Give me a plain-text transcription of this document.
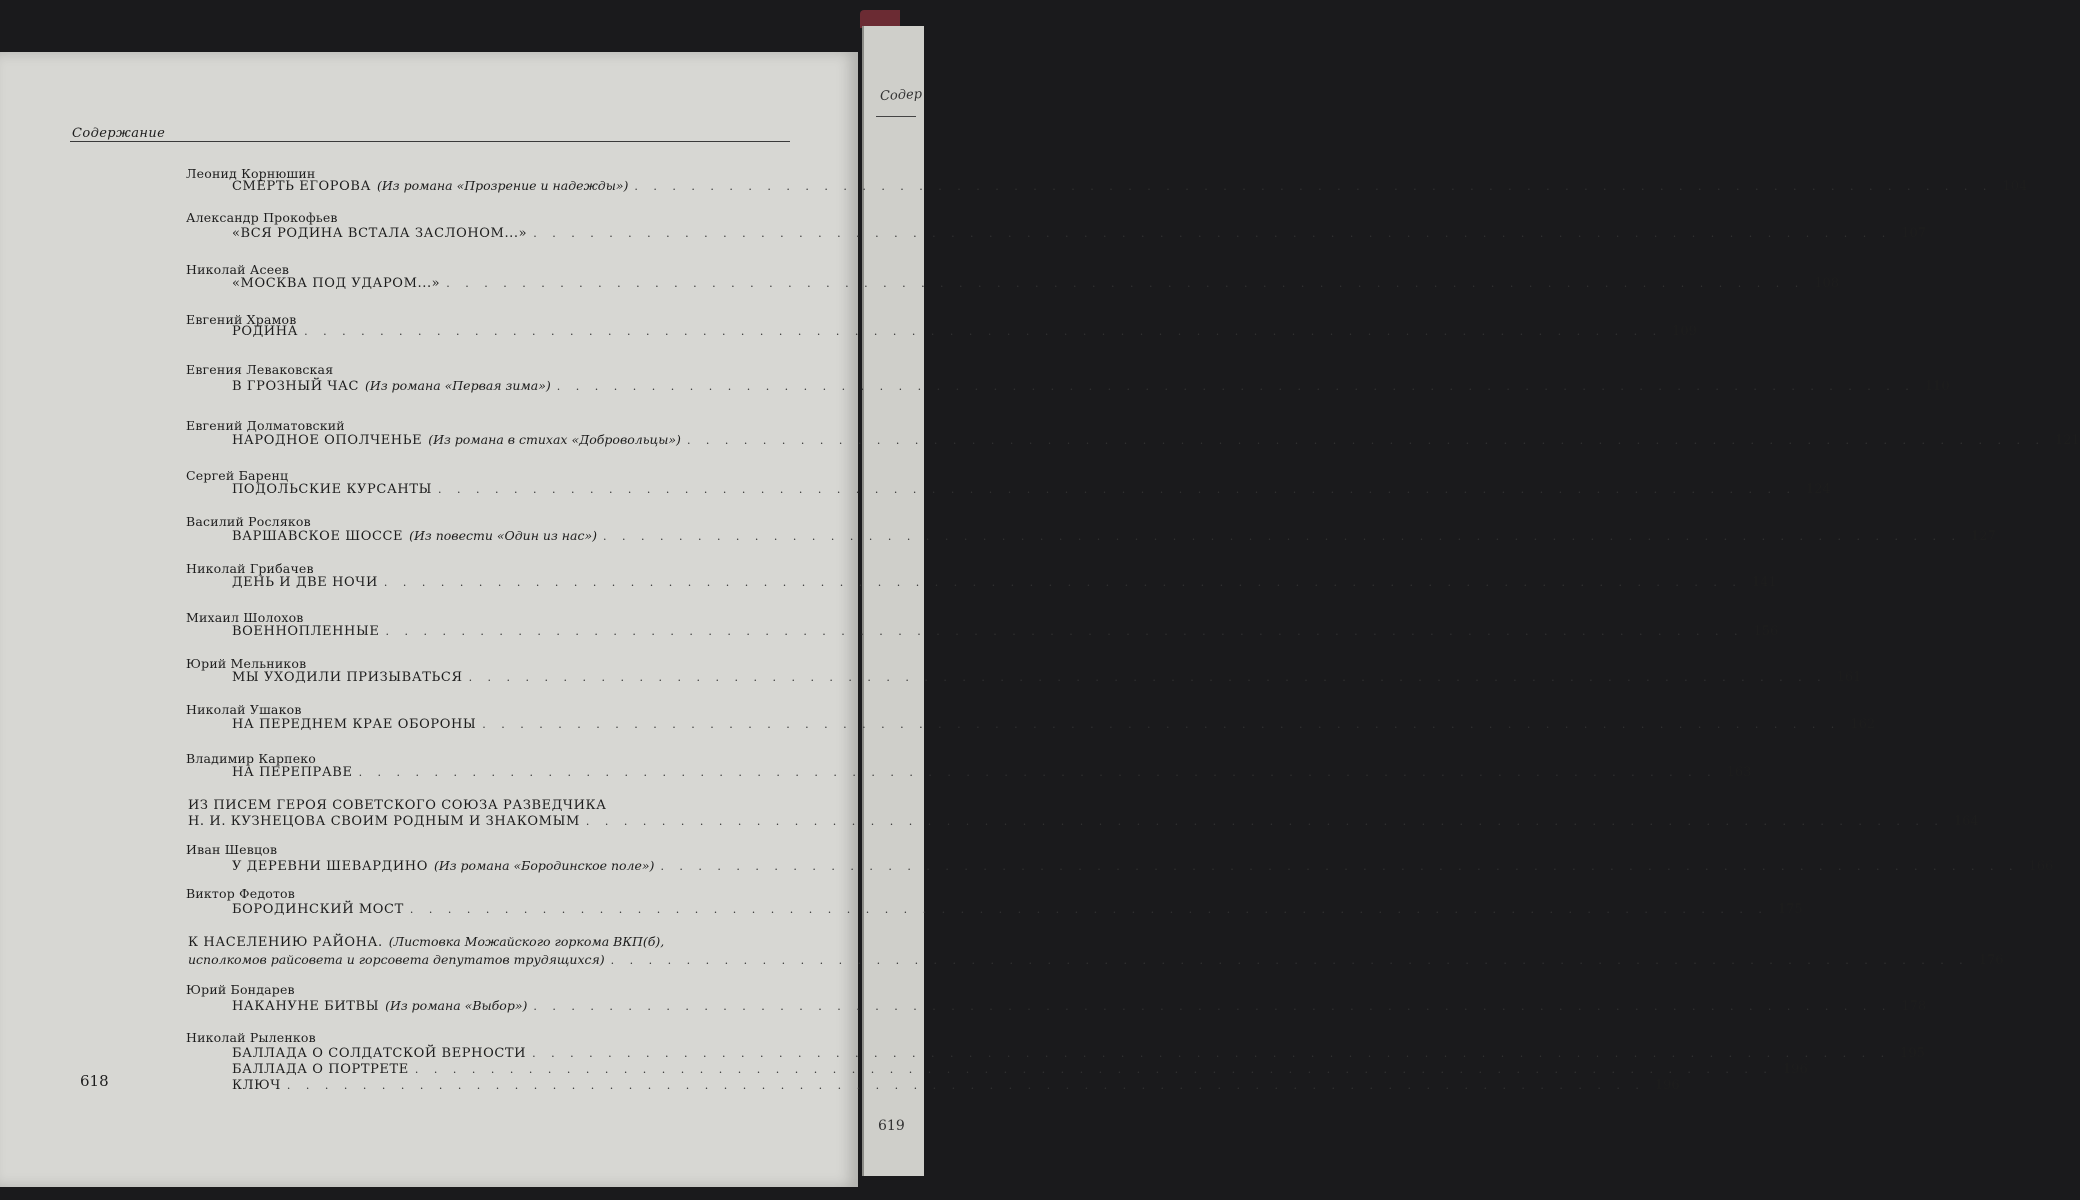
Содер
619
Содержание
Леонид Корнюшин
СМЕРТЬ ЕГОРОВА (Из романа «Прозрение и надежды») . . .	104
Александр Прокофьев
«ВСЯ РОДИНА ВСТАЛА ЗАСЛОНОМ...» . . .	107
Николай Асеев
«МОСКВА ПОД УДАРОМ...» . . .	108
Евгений Храмов
РОДИНА . . .	109
Евгения Леваковская
В ГРОЗНЫЙ ЧАС (Из романа «Первая зима») . . .	110
Евгений Долматовский
НАРОДНОЕ ОПОЛЧЕНЬЕ (Из романа в стихах «Добровольцы») . . .	121
Сергей Баренц
ПОДОЛЬСКИЕ КУРСАНТЫ . . .	124
Василий Росляков
ВАРШАВСКОЕ ШОССЕ (Из повести «Один из нас») . . .	127
Николай Грибачев
ДЕНЬ И ДВЕ НОЧИ . . .	141
Михаил Шолохов
ВОЕННОПЛЕННЫЕ . . .	156
Юрий Мельников
МЫ УХОДИЛИ ПРИЗЫВАТЬСЯ . . .	161
Николай Ушаков
НА ПЕРЕДНЕМ КРАЕ ОБОРОНЫ . . .	162
Владимир Карпеко
НА ПЕРЕПРАВЕ . . .	163
ИЗ ПИСЕМ ГЕРОЯ СОВЕТСКОГО СОЮЗА РАЗВЕДЧИКА
Н. И. КУЗНЕЦОВА СВОИМ РОДНЫМ И ЗНАКОМЫМ . . .	164
Иван Шевцов
У ДЕРЕВНИ ШЕВАРДИНО (Из романа «Бородинское поле») . . .	166
Виктор Федотов
БОРОДИНСКИЙ МОСТ . . .	175
К НАСЕЛЕНИЮ РАЙОНА. (Листовка Можайского горкома ВКП(б),
исполкомов райсовета и горсовета депутатов трудящихся) . . .	176
Юрий Бондарев
НАКАНУНЕ БИТВЫ (Из романа «Выбор») . . .	178
Николай Рыленков
БАЛЛАДА О СОЛДАТСКОЙ ВЕРНОСТИ . . .	195
БАЛЛАДА О ПОРТРЕТЕ . . .	196
КЛЮЧ . . .	196
618
